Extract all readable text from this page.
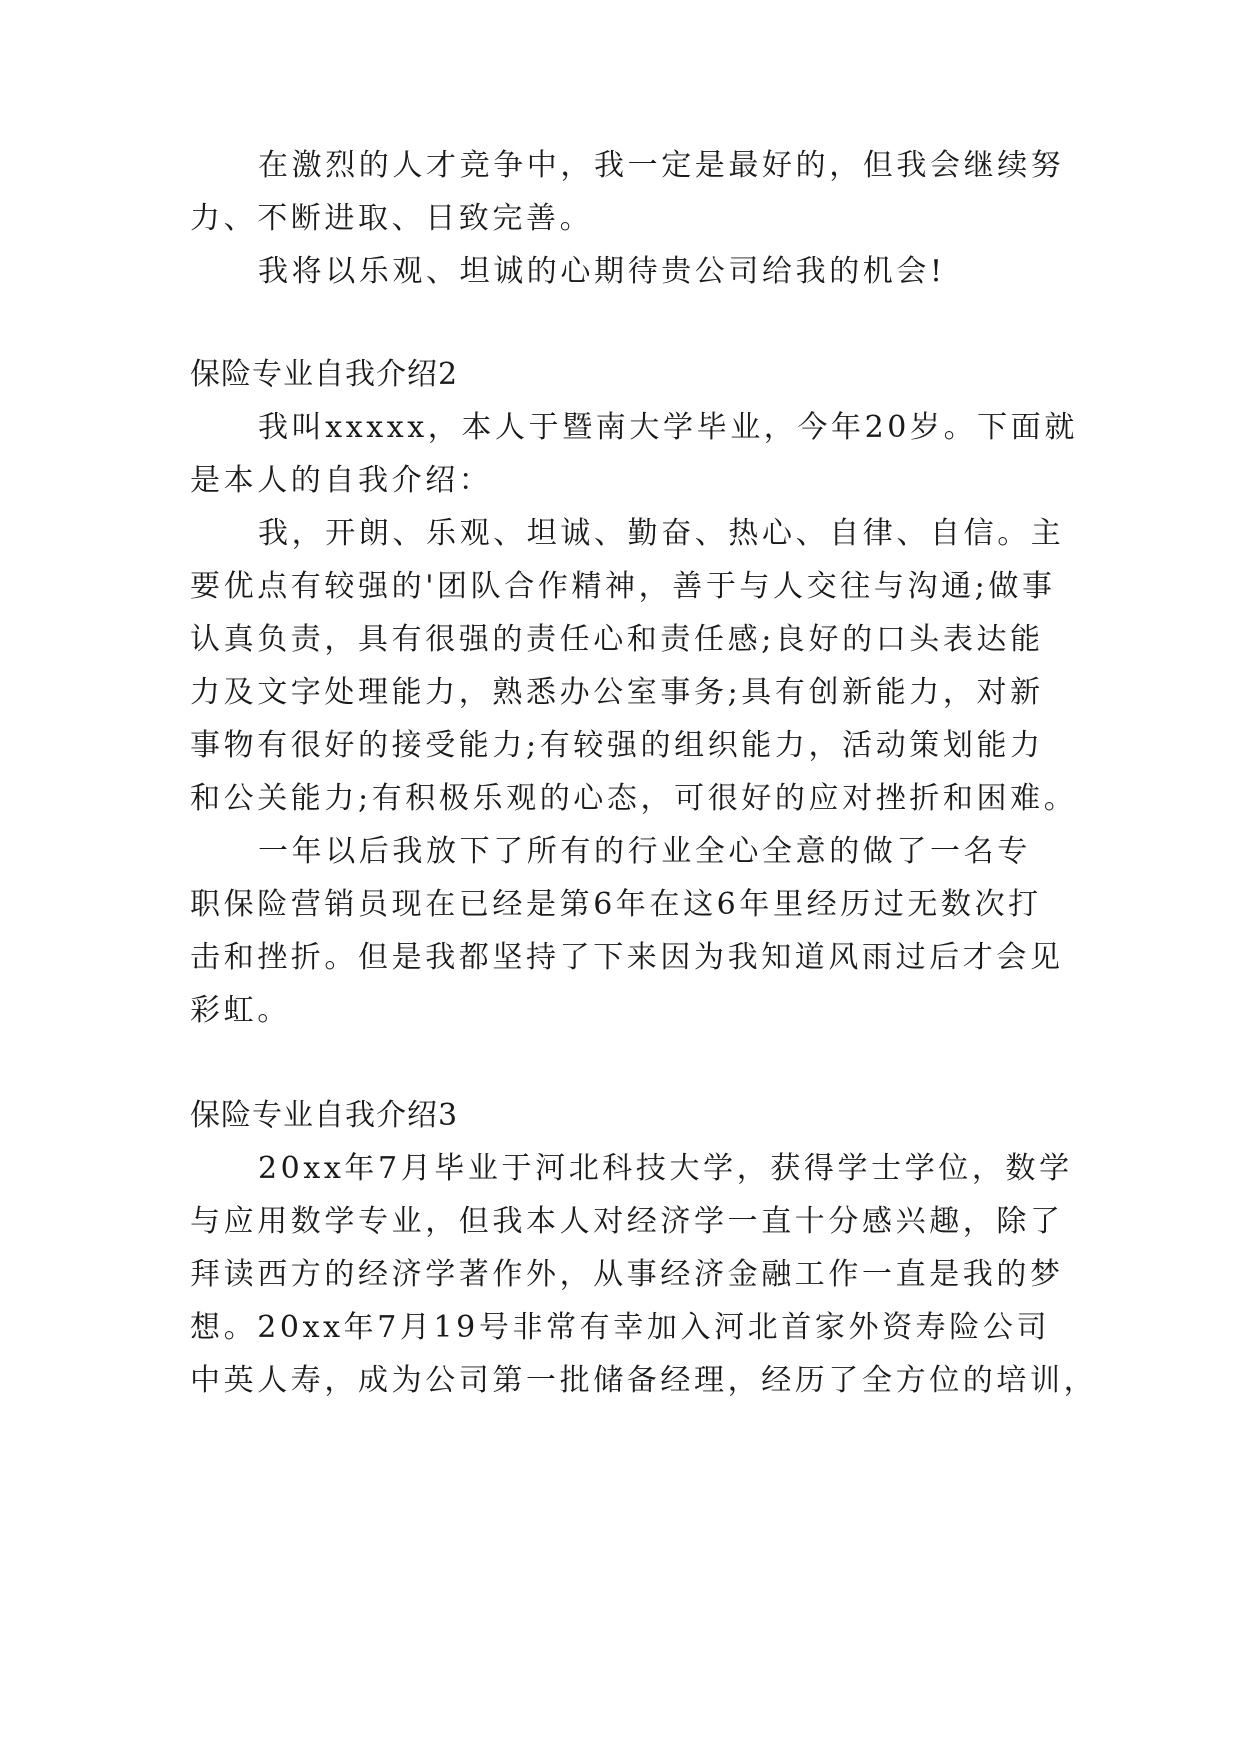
在激烈的人才竞争中，我一定是最好的，但我会继续努
力、不断进取、日致完善。
我将以乐观、坦诚的心期待贵公司给我的机会!
保险专业自我介绍2
我叫xxxxx，本人于暨南大学毕业，今年20岁。下面就
是本人的自我介绍：
我，开朗、乐观、坦诚、勤奋、热心、自律、自信。主
要优点有较强的'团队合作精神，善于与人交往与沟通;做事
认真负责，具有很强的责任心和责任感;良好的口头表达能
力及文字处理能力，熟悉办公室事务;具有创新能力，对新
事物有很好的接受能力;有较强的组织能力，活动策划能力
和公关能力;有积极乐观的心态，可很好的应对挫折和困难。
一年以后我放下了所有的行业全心全意的做了一名专
职保险营销员现在已经是第6年在这6年里经历过无数次打
击和挫折。但是我都坚持了下来因为我知道风雨过后才会见
彩虹。
保险专业自我介绍3
20xx年7月毕业于河北科技大学，获得学士学位，数学
与应用数学专业，但我本人对经济学一直十分感兴趣，除了
拜读西方的经济学著作外，从事经济金融工作一直是我的梦
想。20xx年7月19号非常有幸加入河北首家外资寿险公司
中英人寿，成为公司第一批储备经理，经历了全方位的培训，
